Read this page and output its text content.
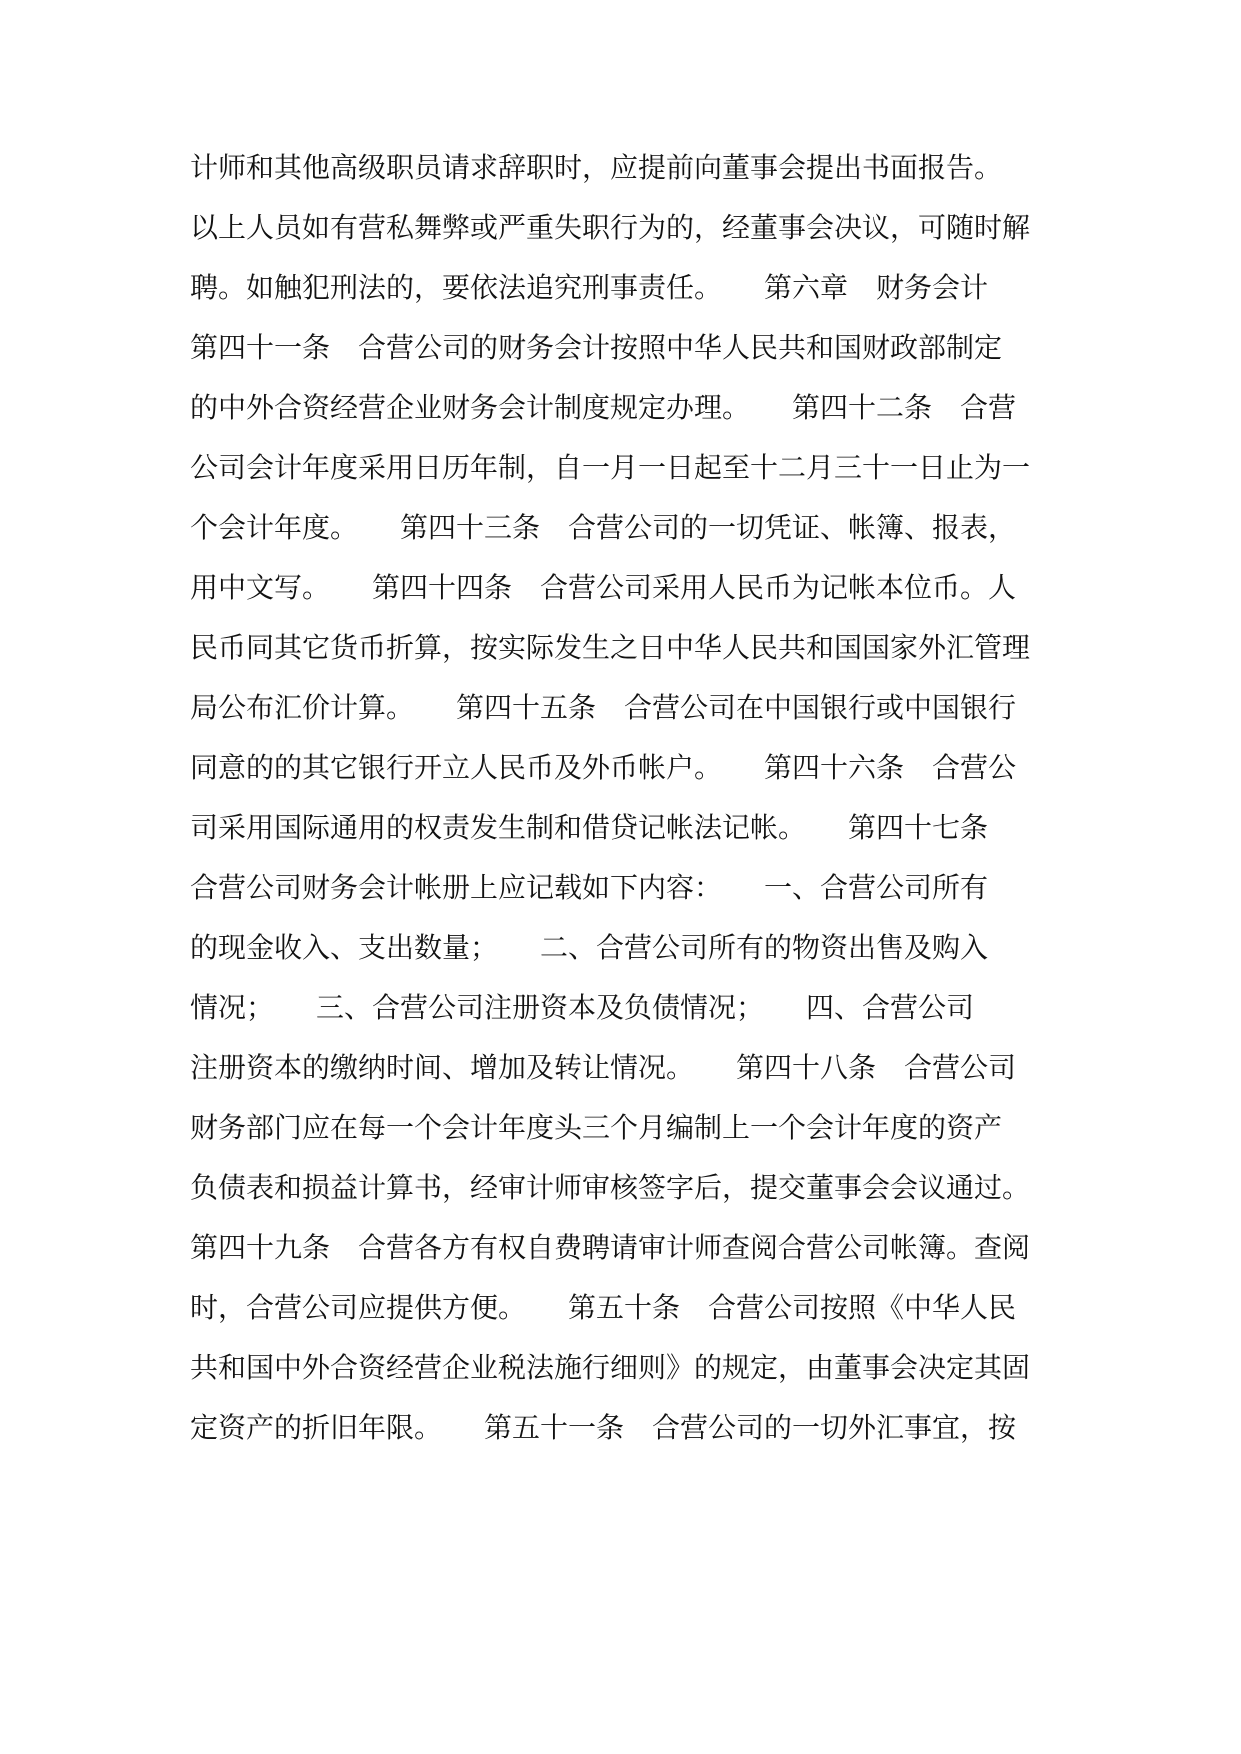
计师和其他高级职员请求辞职时，应提前向董事会提出书面报告。
以上人员如有营私舞弊或严重失职行为的，经董事会决议，可随时解
聘。如触犯刑法的，要依法追究刑事责任。　　第六章　财务会计
第四十一条　合营公司的财务会计按照中华人民共和国财政部制定
的中外合资经营企业财务会计制度规定办理。　　第四十二条　合营
公司会计年度采用日历年制，自一月一日起至十二月三十一日止为一
个会计年度。　　第四十三条　合营公司的一切凭证、帐簿、报表，
用中文写。　　第四十四条　合营公司采用人民币为记帐本位币。人
民币同其它货币折算，按实际发生之日中华人民共和国国家外汇管理
局公布汇价计算。　　第四十五条　合营公司在中国银行或中国银行
同意的的其它银行开立人民币及外币帐户。　　第四十六条　合营公
司采用国际通用的权责发生制和借贷记帐法记帐。　　第四十七条
合营公司财务会计帐册上应记载如下内容：　　一、合营公司所有
的现金收入、支出数量；　　二、合营公司所有的物资出售及购入
情况；　　三、合营公司注册资本及负债情况；　　四、合营公司
注册资本的缴纳时间、增加及转让情况。　　第四十八条　合营公司
财务部门应在每一个会计年度头三个月编制上一个会计年度的资产
负债表和损益计算书，经审计师审核签字后，提交董事会会议通过。
第四十九条　合营各方有权自费聘请审计师查阅合营公司帐簿。查阅
时，合营公司应提供方便。　　第五十条　合营公司按照《中华人民
共和国中外合资经营企业税法施行细则》的规定，由董事会决定其固
定资产的折旧年限。　　第五十一条　合营公司的一切外汇事宜，按
